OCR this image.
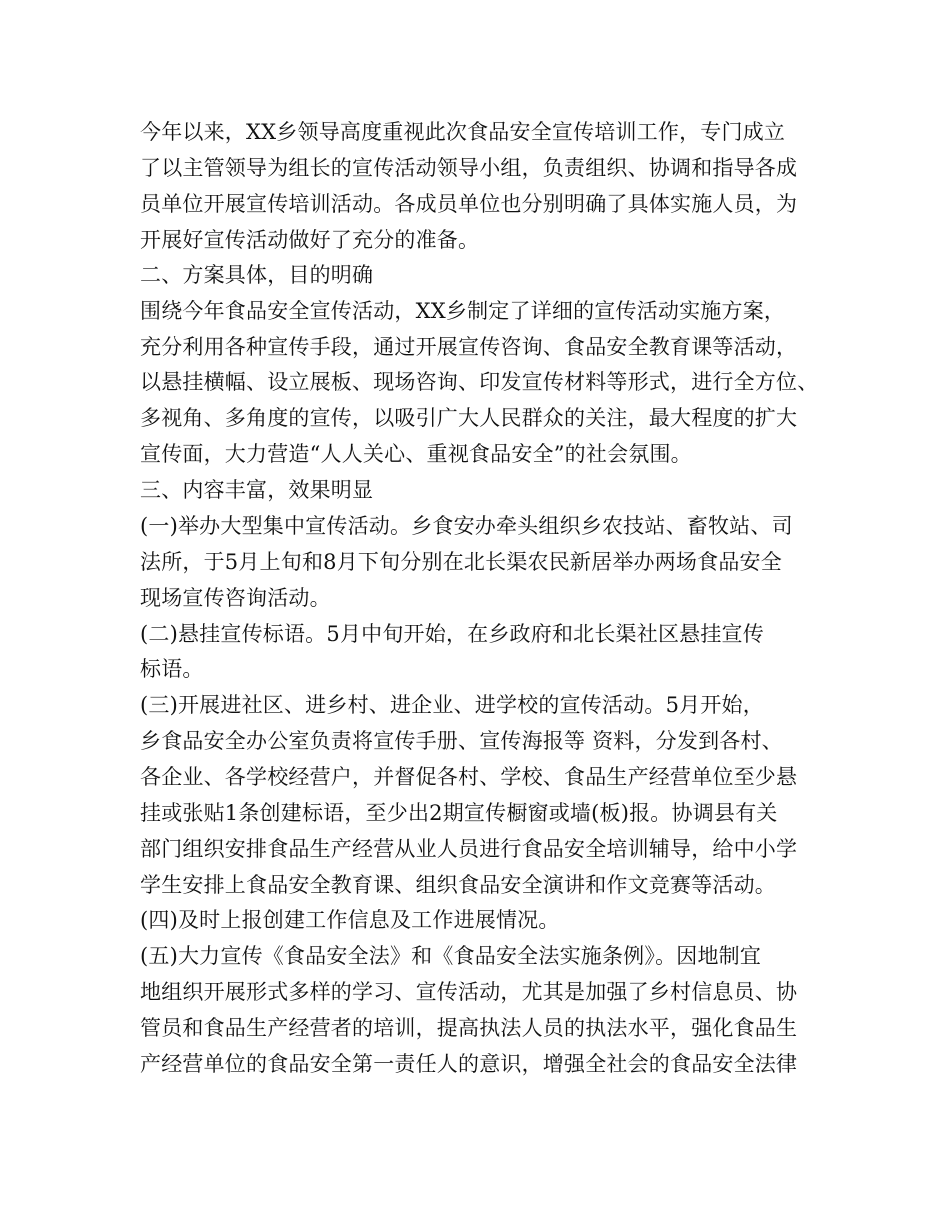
今年以来，XX乡领导高度重视此次食品安全宣传培训工作，专门成立
了以主管领导为组长的宣传活动领导小组，负责组织、协调和指导各成
员单位开展宣传培训活动。各成员单位也分别明确了具体实施人员，为
开展好宣传活动做好了充分的准备。
二、方案具体，目的明确
围绕今年食品安全宣传活动，XX乡制定了详细的宣传活动实施方案，
充分利用各种宣传手段，通过开展宣传咨询、食品安全教育课等活动，
以悬挂横幅、设立展板、现场咨询、印发宣传材料等形式，进行全方位、
多视角、多角度的宣传，以吸引广大人民群众的关注，最大程度的扩大
宣传面，大力营造“人人关心、重视食品安全”的社会氛围。
三、内容丰富，效果明显
(一)举办大型集中宣传活动。乡食安办牵头组织乡农技站、畜牧站、司
法所，于5月上旬和8月下旬分别在北长渠农民新居举办两场食品安全
现场宣传咨询活动。
(二)悬挂宣传标语。5月中旬开始，在乡政府和北长渠社区悬挂宣传
标语。
(三)开展进社区、进乡村、进企业、进学校的宣传活动。5月开始，
乡食品安全办公室负责将宣传手册、宣传海报等 资料，分发到各村、
各企业、各学校经营户，并督促各村、学校、食品生产经营单位至少悬
挂或张贴1条创建标语，至少出2期宣传橱窗或墙(板)报。协调县有关
部门组织安排食品生产经营从业人员进行食品安全培训辅导，给中小学
学生安排上食品安全教育课、组织食品安全演讲和作文竞赛等活动。
(四)及时上报创建工作信息及工作进展情况。
(五)大力宣传《食品安全法》和《食品安全法实施条例》。因地制宜
地组织开展形式多样的学习、宣传活动，尤其是加强了乡村信息员、协
管员和食品生产经营者的培训，提高执法人员的执法水平，强化食品生
产经营单位的食品安全第一责任人的意识，增强全社会的食品安全法律
